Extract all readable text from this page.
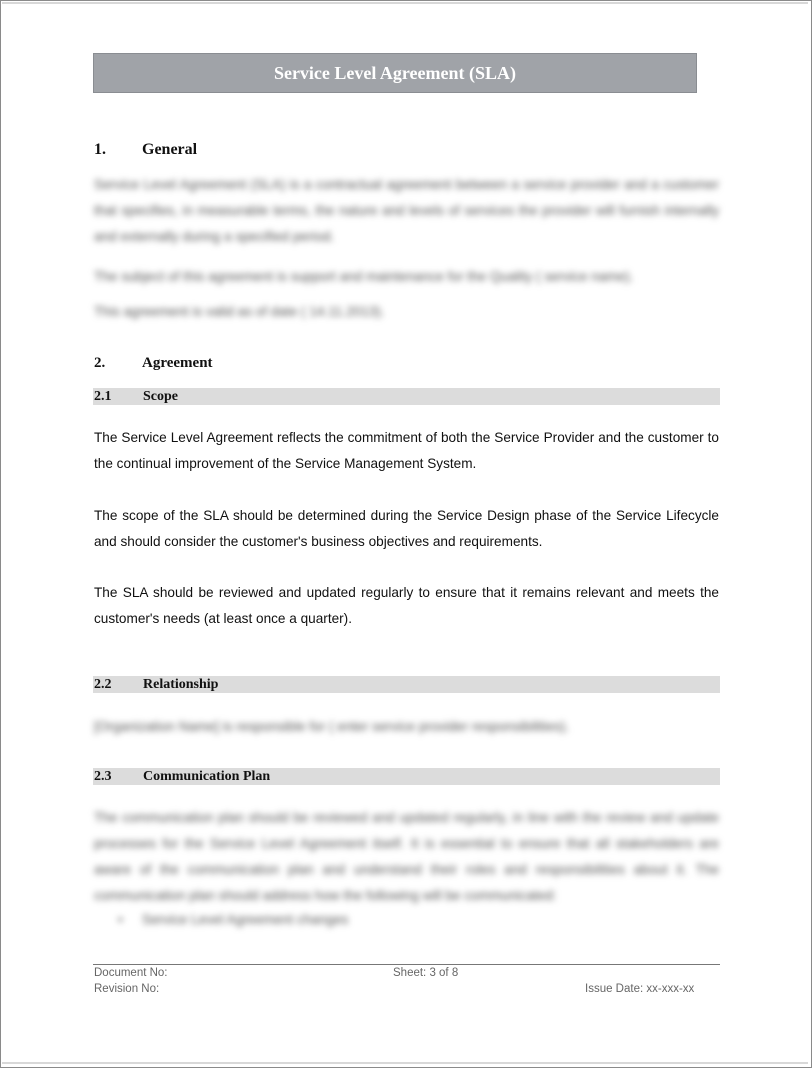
Service Level Agreement (SLA)
1.	General
Service Level Agreement (SLA) is a contractual agreement between a service provider and a customer that specifies, in measurable terms, the nature and levels of services the provider will furnish internally and externally during a specified period.
The subject of this agreement is support and maintenance for the Quality ( service name).
This agreement is valid as of date ( 14.11.2013).
2.	Agreement
2.1	Scope
The Service Level Agreement reflects the commitment of both the Service Provider and the customer to the continual improvement of the Service Management System.
The scope of the SLA should be determined during the Service Design phase of the Service Lifecycle and should consider the customer's business objectives and requirements.
The SLA should be reviewed and updated regularly to ensure that it remains relevant and meets the customer's needs (at least once a quarter).
2.2	Relationship
[Organization Name] is responsible for ( enter service provider responsibilities).
2.3	Communication Plan
The communication plan should be reviewed and updated regularly, in line with the review and update processes for the Service Level Agreement itself. It is essential to ensure that all stakeholders are aware of the communication plan and understand their roles and responsibilities about it. The communication plan should address how the following will be communicated:
•	Service Level Agreement changes
Document No:
Revision No:
Sheet: 3 of 8
Issue Date: xx-xxx-xx
